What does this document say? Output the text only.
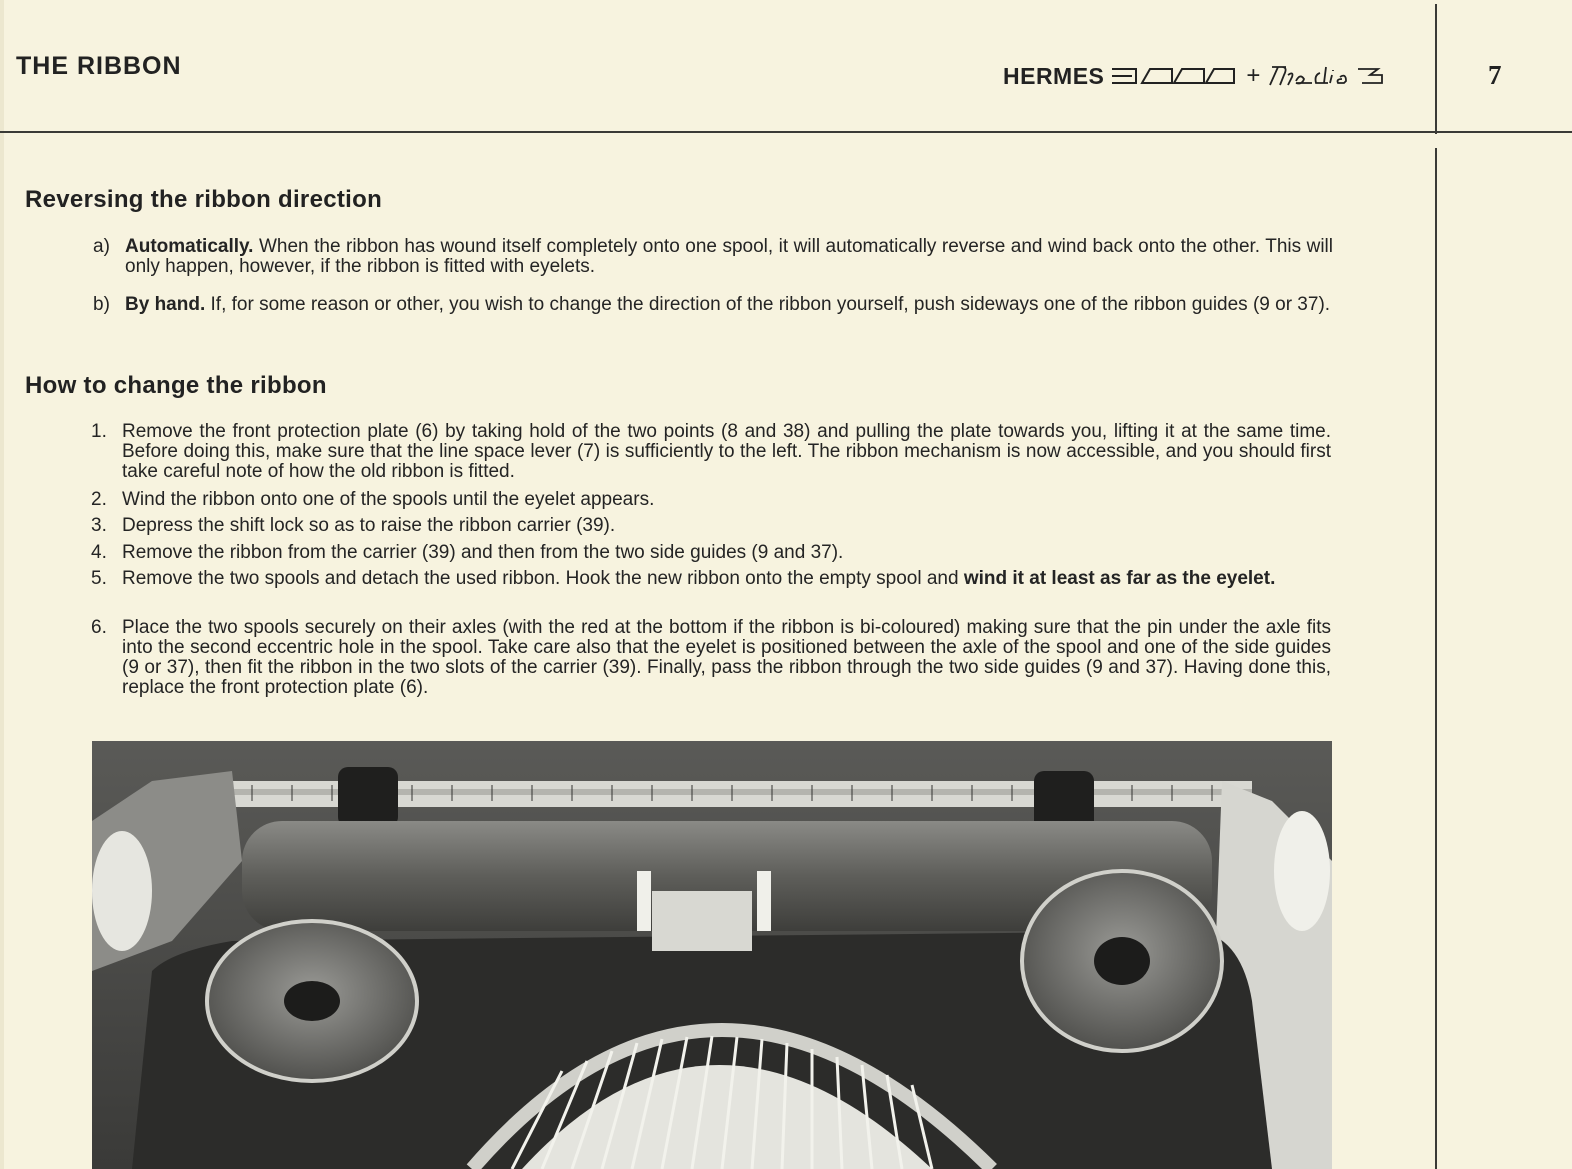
THE RIBBON	HERMES	+	7
Reversing the ribbon direction
a) Automatically. When the ribbon has wound itself completely onto one spool, it will automatically reverse and wind back onto the other. This will only happen, however, if the ribbon is fitted with eyelets.
b) By hand. If, for some reason or other, you wish to change the direction of the ribbon yourself, push sideways one of the ribbon guides (9 or 37).
How to change the ribbon
1. Remove the front protection plate (6) by taking hold of the two points (8 and 38) and pulling the plate towards you, lifting it at the same time. Before doing this, make sure that the line space lever (7) is sufficiently to the left. The ribbon mechanism is now accessible, and you should first take careful note of how the old ribbon is fitted.
2. Wind the ribbon onto one of the spools until the eyelet appears.
3. Depress the shift lock so as to raise the ribbon carrier (39).
4. Remove the ribbon from the carrier (39) and then from the two side guides (9 and 37).
5. Remove the two spools and detach the used ribbon. Hook the new ribbon onto the empty spool and wind it at least as far as the eyelet.
6. Place the two spools securely on their axles (with the red at the bottom if the ribbon is bi-coloured) making sure that the pin under the axle fits into the second eccentric hole in the spool. Take care also that the eyelet is positioned between the axle of the spool and one of the side guides (9 or 37), then fit the ribbon in the two slots of the carrier (39). Finally, pass the ribbon through the two side guides (9 and 37). Having done this, replace the front protection plate (6).
